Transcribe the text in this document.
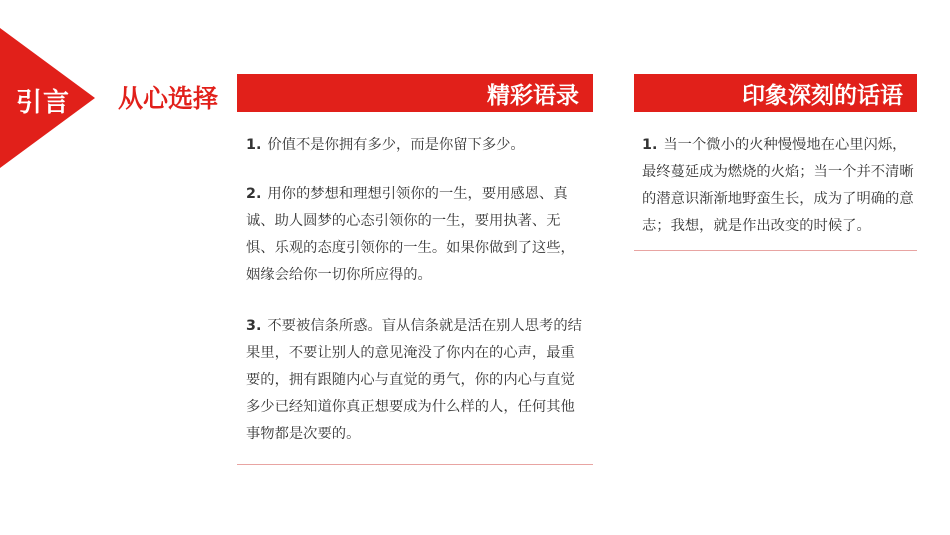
引言 从心选择	精彩语录

1. 价值不是你拥有多少，而是你留下多少。

2. 用你的梦想和理想引领你的一生，要用感恩、真诚、助人圆梦的心态引领你的一生，要用执著、无惧、乐观的态度引领你的一生。如果你做到了这些，姻缘会给你一切你所应得的。

3. 不要被信条所惑。盲从信条就是活在别人思考的结果里，不要让别人的意见淹没了你内在的心声，最重要的，拥有跟随内心与直觉的勇气，你的内心与直觉多少已经知道你真正想要成为什么样的人，任何其他事物都是次要的。

印象深刻的话语

1. 当一个微小的火种慢慢地在心里闪烁，最终蔓延成为燃烧的火焰；当一个并不清晰的潜意识渐渐地野蛮生长，成为了明确的意志；我想，就是作出改变的时候了。
